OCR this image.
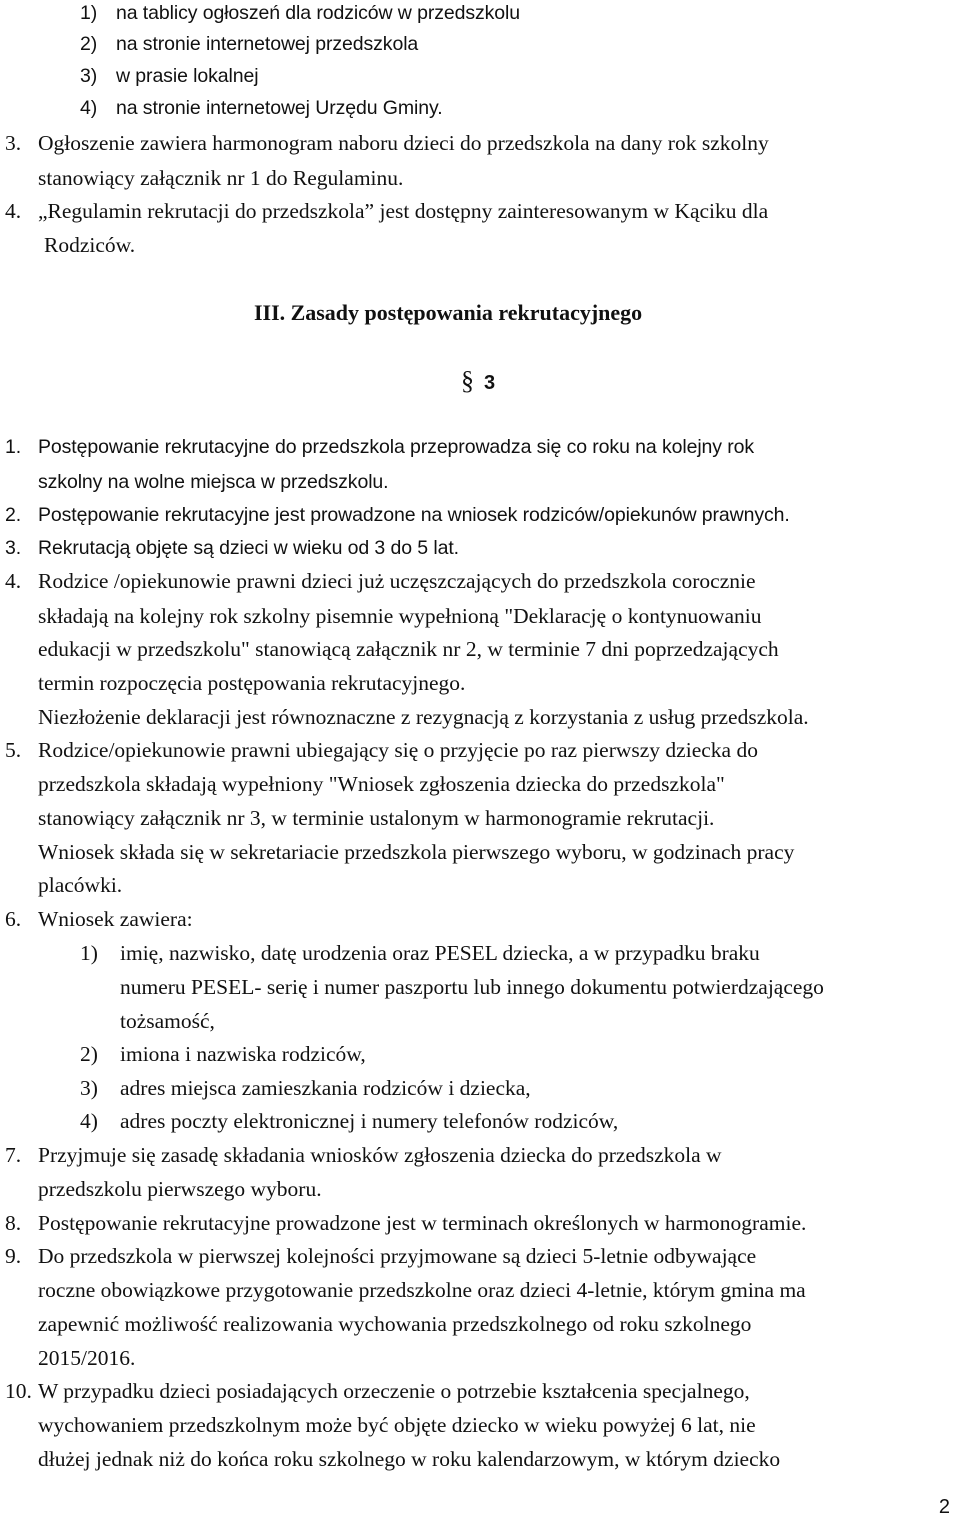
1) na tablicy ogłoszeń dla rodziców w przedszkolu
2) na stronie internetowej przedszkola
3) w prasie lokalnej
4) na stronie internetowej Urzędu Gminy.
3. Ogłoszenie zawiera harmonogram naboru dzieci do przedszkola na dany rok szkolny
stanowiący załącznik nr 1 do Regulaminu.
4. „Regulamin rekrutacji do przedszkola” jest dostępny zainteresowanym w Kąciku dla
Rodziców.
III. Zasady postępowania rekrutacyjnego
§ 3
1. Postępowanie rekrutacyjne do przedszkola przeprowadza się co roku na kolejny rok
szkolny na wolne miejsca w przedszkolu.
2. Postępowanie rekrutacyjne jest prowadzone na wniosek rodziców/opiekunów prawnych.
3. Rekrutacją objęte są dzieci w wieku od 3 do 5 lat.
4. Rodzice /opiekunowie prawni dzieci już uczęszczających do przedszkola corocznie
składają na kolejny rok szkolny pisemnie wypełnioną "Deklarację o kontynuowaniu
edukacji w przedszkolu" stanowiącą załącznik nr 2, w terminie 7 dni poprzedzających
termin rozpoczęcia postępowania rekrutacyjnego.
Niezłożenie deklaracji jest równoznaczne z rezygnacją z korzystania z usług przedszkola.
5. Rodzice/opiekunowie prawni ubiegający się o przyjęcie po raz pierwszy dziecka do
przedszkola składają wypełniony "Wniosek zgłoszenia dziecka do przedszkola"
stanowiący załącznik nr 3, w terminie ustalonym w harmonogramie rekrutacji.
Wniosek składa się w sekretariacie przedszkola pierwszego wyboru, w godzinach pracy
placówki.
6. Wniosek zawiera:
1) imię, nazwisko, datę urodzenia oraz PESEL dziecka, a w przypadku braku
numeru PESEL- serię i numer paszportu lub innego dokumentu potwierdzającego
tożsamość,
2) imiona i nazwiska rodziców,
3) adres miejsca zamieszkania rodziców i dziecka,
4) adres poczty elektronicznej i numery telefonów rodziców,
7. Przyjmuje się zasadę składania wniosków zgłoszenia dziecka do przedszkola w
przedszkolu pierwszego wyboru.
8. Postępowanie rekrutacyjne prowadzone jest w terminach określonych w harmonogramie.
9. Do przedszkola w pierwszej kolejności przyjmowane są dzieci 5-letnie odbywające
roczne obowiązkowe przygotowanie przedszkolne oraz dzieci 4-letnie, którym gmina ma
zapewnić możliwość realizowania wychowania przedszkolnego od roku szkolnego
2015/2016.
10. W przypadku dzieci posiadających orzeczenie o potrzebie kształcenia specjalnego,
wychowaniem przedszkolnym może być objęte dziecko w wieku powyżej 6 lat, nie
dłużej jednak niż do końca roku szkolnego w roku kalendarzowym, w którym dziecko
2
